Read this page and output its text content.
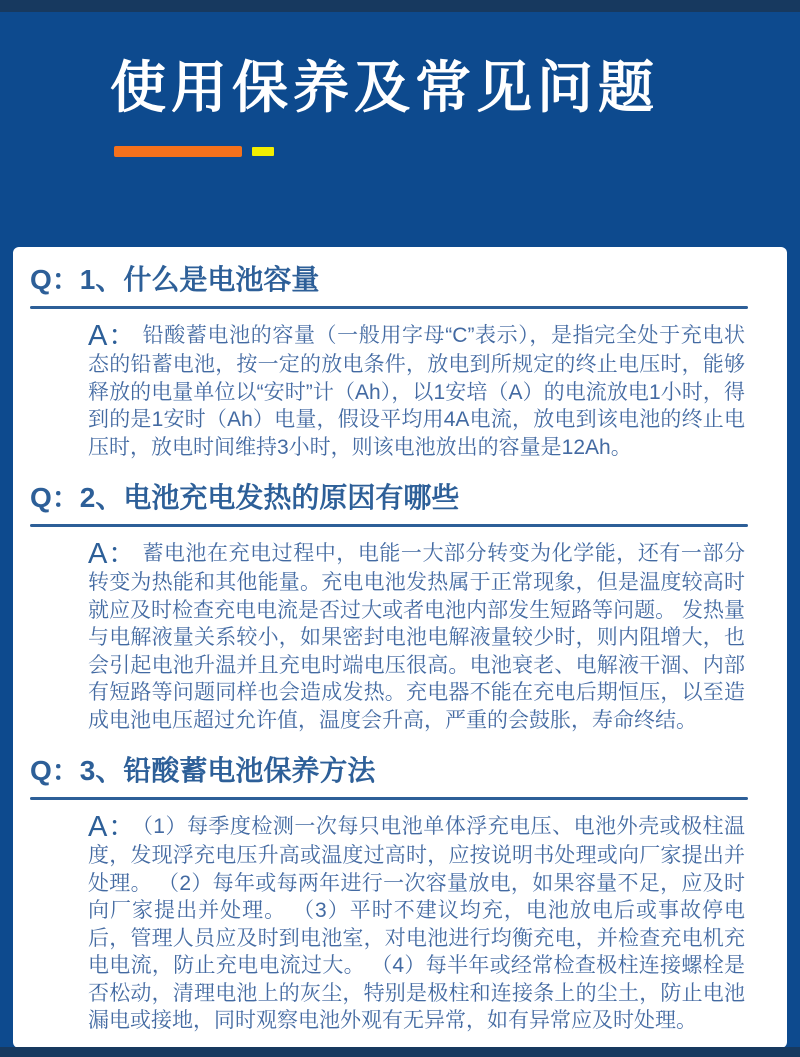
使用保养及常见问题
Q：1、什么是电池容量

A： 铅酸蓄电池的容量（一般用字母“C”表示），是指完全处于充电状态的铅蓄电池，按一定的放电条件，放电到所规定的终止电压时，能够释放的电量单位以“安时”计（Ah），以1安培（A）的电流放电1小时，得到的是1安时（Ah）电量，假设平均用4A电流，放电到该电池的终止电压时，放电时间维持3小时，则该电池放出的容量是12Ah。

Q：2、电池充电发热的原因有哪些

A： 蓄电池在充电过程中，电能一大部分转变为化学能，还有一部分转变为热能和其他能量。充电电池发热属于正常现象，但是温度较高时就应及时检查充电电流是否过大或者电池内部发生短路等问题。 发热量与电解液量关系较小，如果密封电池电解液量较少时，则内阻增大，也会引起电池升温并且充电时端电压很高。电池衰老、电解液干涸、内部有短路等问题同样也会造成发热。充电器不能在充电后期恒压，以至造成电池电压超过允许值，温度会升高，严重的会鼓胀，寿命终结。

Q：3、铅酸蓄电池保养方法

A： （1）每季度检测一次每只电池单体浮充电压、电池外壳或极柱温度，发现浮充电压升高或温度过高时，应按说明书处理或向厂家提出并处理。 （2）每年或每两年进行一次容量放电，如果容量不足，应及时向厂家提出并处理。 （3）平时不建议均充，电池放电后或事故停电后，管理人员应及时到电池室，对电池进行均衡充电，并检查充电机充电电流，防止充电电流过大。 （4）每半年或经常检查极柱连接螺栓是否松动，清理电池上的灰尘，特别是极柱和连接条上的尘土，防止电池漏电或接地，同时观察电池外观有无异常，如有异常应及时处理。
